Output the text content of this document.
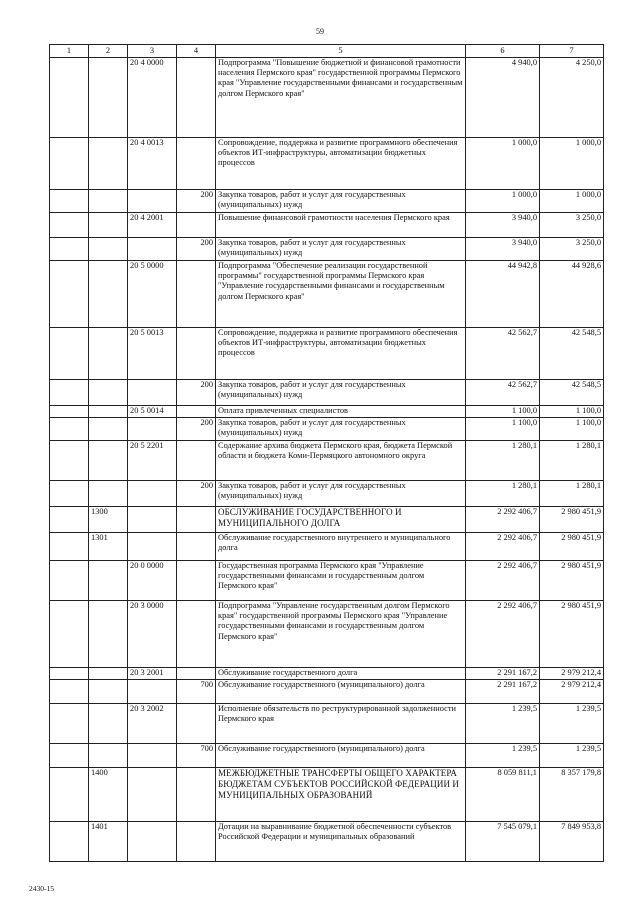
59
1	2	3	4	5	6	7
		20 4 0000		Подпрограмма "Повышение бюджетной и финансовой грамотности населения Пермского края" государственной программы Пермского края "Управление государственными финансами и государственным долгом Пермского края"	4 940,0	4 250,0
		20 4 0013		Сопровождение, поддержка и развитие программного обеспечения объектов ИТ-инфраструктуры, автоматизации бюджетных процессов	1 000,0	1 000,0
			200	Закупка товаров, работ и услуг для государственных (муниципальных) нужд	1 000,0	1 000,0
		20 4 2001		Повышение финансовой грамотности населения Пермского края	3 940,0	3 250,0
			200	Закупка товаров, работ и услуг для государственных (муниципальных) нужд	3 940,0	3 250,0
		20 5 0000		Подпрограмма "Обеспечение реализации государственной программы" государственной программы Пермского края "Управление государственными финансами и государственным долгом Пермского края"	44 942,8	44 928,6
		20 5 0013		Сопровождение, поддержка и развитие программного обеспечения объектов ИТ-инфраструктуры, автоматизации бюджетных процессов	42 562,7	42 548,5
			200	Закупка товаров, работ и услуг для государственных (муниципальных) нужд	42 562,7	42 548,5
		20 5 0014		Оплата привлеченных специалистов	1 100,0	1 100,0
			200	Закупка товаров, работ и услуг для государственных (муниципальных) нужд	1 100,0	1 100,0
		20 5 2201		Содержание архива бюджета Пермского края, бюджета Пермской области и бюджета Коми-Пермяцкого автономного округа	1 280,1	1 280,1
			200	Закупка товаров, работ и услуг для государственных (муниципальных) нужд	1 280,1	1 280,1
	1300			ОБСЛУЖИВАНИЕ ГОСУДАРСТВЕННОГО И МУНИЦИПАЛЬНОГО ДОЛГА	2 292 406,7	2 980 451,9
	1301			Обслуживание государственного внутреннего и муниципального долга	2 292 406,7	2 980 451,9
		20 0 0000		Государственная программа Пермского края "Управление государственными финансами и государственным долгом Пермского края"	2 292 406,7	2 980 451,9
		20 3 0000		Подпрограмма "Управление государственным долгом Пермского края" государственной программы Пермского края "Управление государственными финансами и государственным долгом Пермского края"	2 292 406,7	2 980 451,9
		20 3 2001		Обслуживание государственного долга	2 291 167,2	2 979 212,4
			700	Обслуживание государственного (муниципального) долга	2 291 167,2	2 979 212,4
		20 3 2002		Исполнение обязательств по реструктурированной задолженности Пермского края	1 239,5	1 239,5
			700	Обслуживание государственного (муниципального) долга	1 239,5	1 239,5
	1400			МЕЖБЮДЖЕТНЫЕ ТРАНСФЕРТЫ ОБЩЕГО ХАРАКТЕРА БЮДЖЕТАМ СУБЪЕКТОВ РОССИЙСКОЙ ФЕДЕРАЦИИ И МУНИЦИПАЛЬНЫХ ОБРАЗОВАНИЙ	8 059 811,1	8 357 179,8
	1401			Дотации на выравнивание бюджетной обеспеченности субъектов Российской Федерации и муниципальных образований	7 545 079,1	7 849 953,8
2430-15
